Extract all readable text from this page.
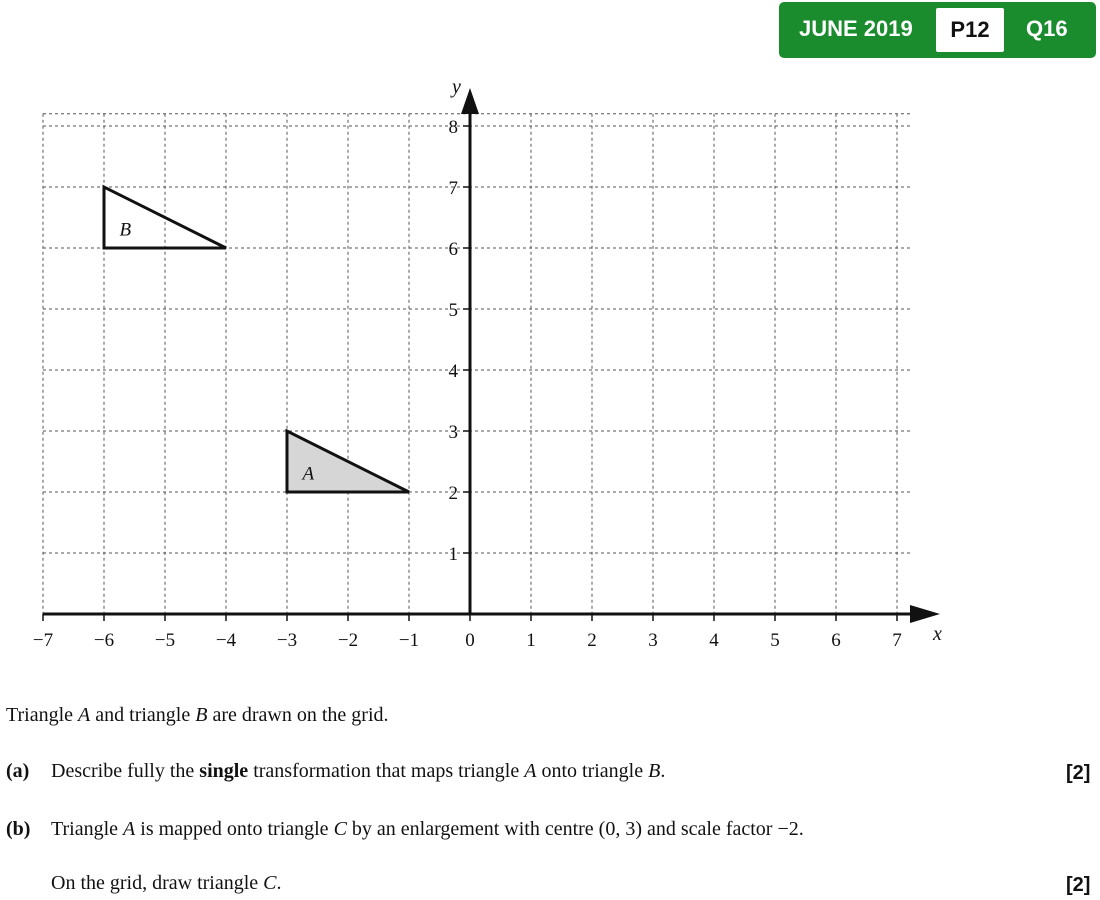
JUNE 2019	P12	Q16
−7 −6 −5 −4 −3 −2 −1 0	1	2	3	4	5	6	7
1
2
3
4
5
6
7
8
x
y
A
B
Triangle A and triangle B are drawn on the grid.
(a) Describe fully the single transformation that maps triangle A onto triangle B.	[2]
(b) Triangle A is mapped onto triangle C by an enlargement with centre (0, 3) and scale factor −2.
On the grid, draw triangle C.	[2]
